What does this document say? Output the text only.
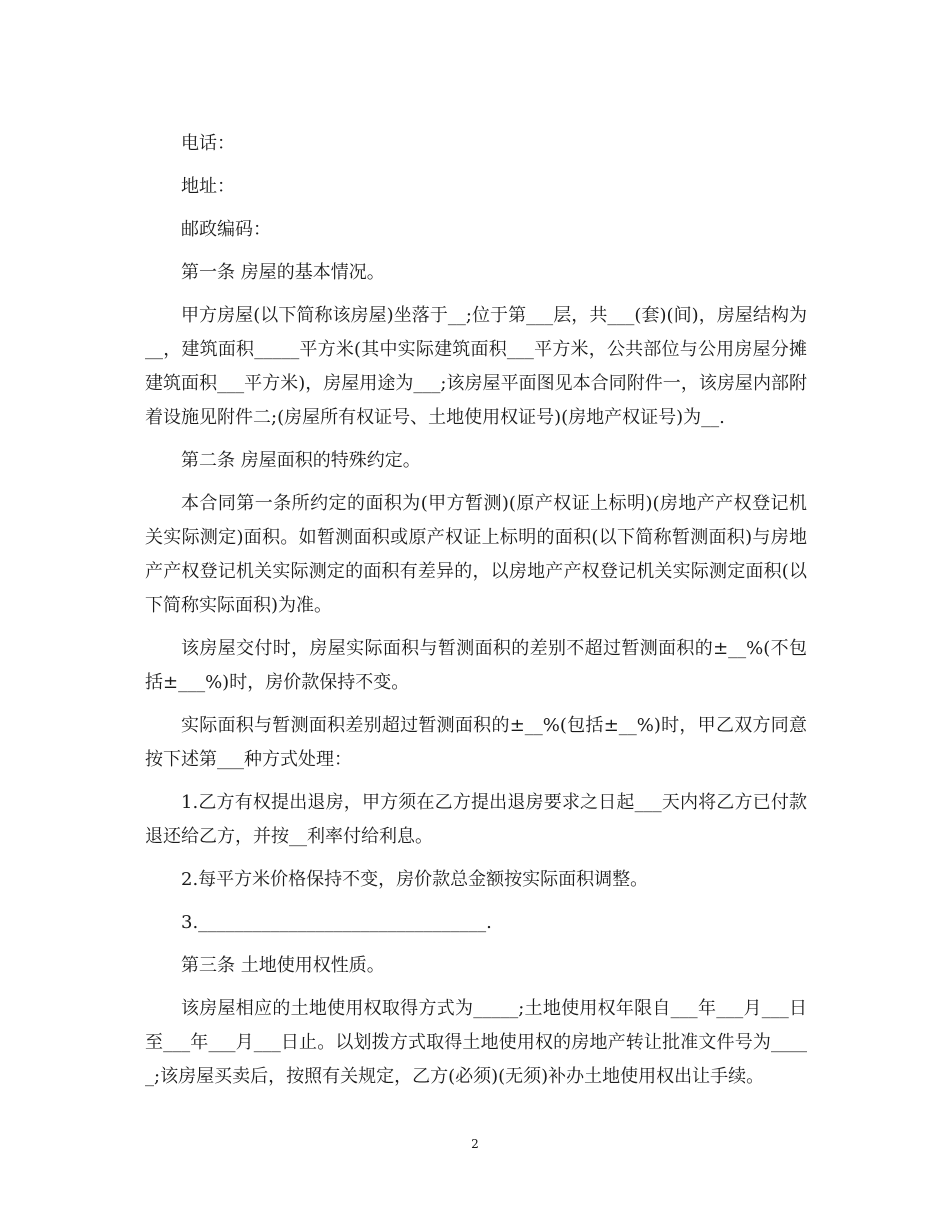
电话：

地址：

邮政编码：

第一条 房屋的基本情况。

甲方房屋(以下简称该房屋)坐落于__;位于第___层，共___(套)(间)，房屋结构为__，建筑面积_____平方米(其中实际建筑面积___平方米，公共部位与公用房屋分摊建筑面积___平方米)，房屋用途为___;该房屋平面图见本合同附件一，该房屋内部附着设施见附件二;(房屋所有权证号、土地使用权证号)(房地产权证号)为__.

第二条 房屋面积的特殊约定。

本合同第一条所约定的面积为(甲方暂测)(原产权证上标明)(房地产产权登记机关实际测定)面积。如暂测面积或原产权证上标明的面积(以下简称暂测面积)与房地产产权登记机关实际测定的面积有差异的，以房地产产权登记机关实际测定面积(以下简称实际面积)为准。

该房屋交付时，房屋实际面积与暂测面积的差别不超过暂测面积的±__%(不包括±___%)时，房价款保持不变。

实际面积与暂测面积差别超过暂测面积的±__%(包括±__%)时，甲乙双方同意按下述第___种方式处理：

1.乙方有权提出退房，甲方须在乙方提出退房要求之日起___天内将乙方已付款退还给乙方，并按__利率付给利息。

2.每平方米价格保持不变，房价款总金额按实际面积调整。

3.________________________________.

第三条 土地使用权性质。

该房屋相应的土地使用权取得方式为_____;土地使用权年限自___年___月___日至___年___月___日止。以划拨方式取得土地使用权的房地产转让批准文件号为_____;该房屋买卖后，按照有关规定，乙方(必须)(无须)补办土地使用权出让手续。

2
